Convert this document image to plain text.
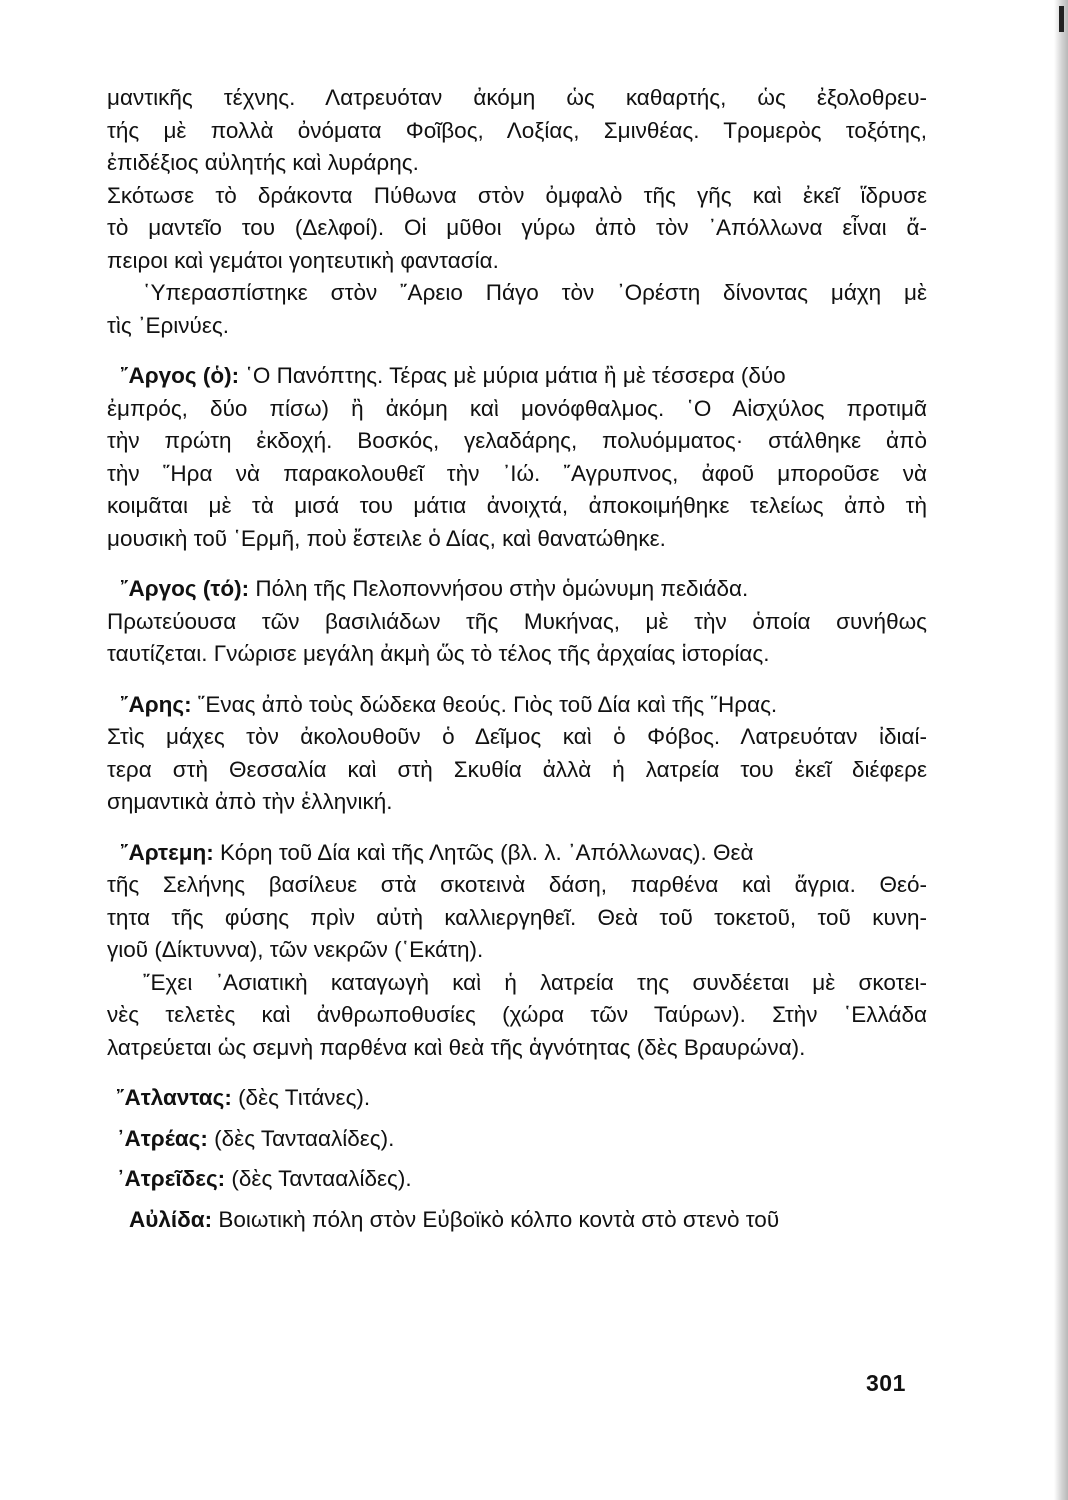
μαντικῆς τέχνης. Λατρευόταν ἀκόμη ὡς καθαρτής, ὡς ἐξολοθρευ-
τής μὲ πολλὰ ὀνόματα Φοῖβος, Λοξίας, Σμινθέας. Τρομερὸς τοξότης,
ἐπιδέξιος αὐλητής καὶ λυράρης.
Σκότωσε τὸ δράκοντα Πύθωνα στὸν ὀμφαλὸ τῆς γῆς καὶ ἐκεῖ ἵδρυσε
τὸ μαντεῖο του (Δελφοί). Οἱ μῦθοι γύρω ἀπὸ τὸν ᾿Απόλλωνα εἶναι ἄ-
πειροι καὶ γεμάτοι γοητευτικὴ φαντασία.
῾Υπερασπίστηκε στὸν ῎Αρειο Πάγο τὸν ᾿Ορέστη δίνοντας μάχη μὲ
τὶς ᾿Ερινύες.
῎Αργος (ὁ): ῾Ο Πανόπτης. Τέρας μὲ μύρια μάτια ἢ μὲ τέσσερα (δύο
ἐμπρός, δύο πίσω) ἢ ἀκόμη καὶ μονόφθαλμος. ῾Ο Αἰσχύλος προτιμᾶ
τὴν πρώτη ἐκδοχή. Βοσκός, γελαδάρης, πολυόμματος· στάλθηκε ἀπὸ
τὴν ῞Ηρα νὰ παρακολουθεῖ τὴν ᾿Ιώ. ῎Αγρυπνος, ἀφοῦ μποροῦσε νὰ
κοιμᾶται μὲ τὰ μισά του μάτια ἀνοιχτά, ἀποκοιμήθηκε τελείως ἀπὸ τὴ
μουσικὴ τοῦ ῾Ερμῆ, ποὺ ἔστειλε ὁ Δίας, καὶ θανατώθηκε.
῎Αργος (τό): Πόλη τῆς Πελοποννήσου στὴν ὁμώνυμη πεδιάδα.
Πρωτεύουσα τῶν βασιλιάδων τῆς Μυκήνας, μὲ τὴν ὁποία συνήθως
ταυτίζεται. Γνώρισε μεγάλη ἀκμὴ ὥς τὸ τέλος τῆς ἀρχαίας ἱστορίας.
῎Αρης: ῞Ενας ἀπὸ τοὺς δώδεκα θεούς. Γιὸς τοῦ Δία καὶ τῆς ῞Ηρας.
Στὶς μάχες τὸν ἀκολουθοῦν ὁ Δεῖμος καὶ ὁ Φόβος. Λατρευόταν ἰδιαί-
τερα στὴ Θεσσαλία καὶ στὴ Σκυθία ἀλλὰ ἡ λατρεία του ἐκεῖ διέφερε
σημαντικὰ ἀπὸ τὴν ἑλληνική.
῎Αρτεμη: Κόρη τοῦ Δία καὶ τῆς Λητῶς (βλ. λ. ᾿Απόλλωνας). Θεὰ
τῆς Σελήνης βασίλευε στὰ σκοτεινὰ δάση, παρθένα καὶ ἄγρια. Θεό-
τητα τῆς φύσης πρὶν αὐτὴ καλλιεργηθεῖ. Θεὰ τοῦ τοκετοῦ, τοῦ κυνη-
γιοῦ (Δίκτυννα), τῶν νεκρῶν (῾Εκάτη).
῎Εχει ᾿Ασιατικὴ καταγωγὴ καὶ ἡ λατρεία της συνδέεται μὲ σκοτει-
νὲς τελετὲς καὶ ἀνθρωποθυσίες (χώρα τῶν Ταύρων). Στὴν ῾Ελλάδα
λατρεύεται ὡς σεμνὴ παρθένα καὶ θεὰ τῆς ἁγνότητας (δὲς Βραυρώνα).
῎Ατλαντας: (δὲς Τιτάνες).
᾿Ατρέας: (δὲς Ταντααλίδες).
᾿Ατρεῖδες: (δὲς Ταντααλίδες).
Αὐλίδα: Βοιωτικὴ πόλη στὸν Εὐβοϊκὸ κόλπο κοντὰ στὸ στενὸ τοῦ
301
